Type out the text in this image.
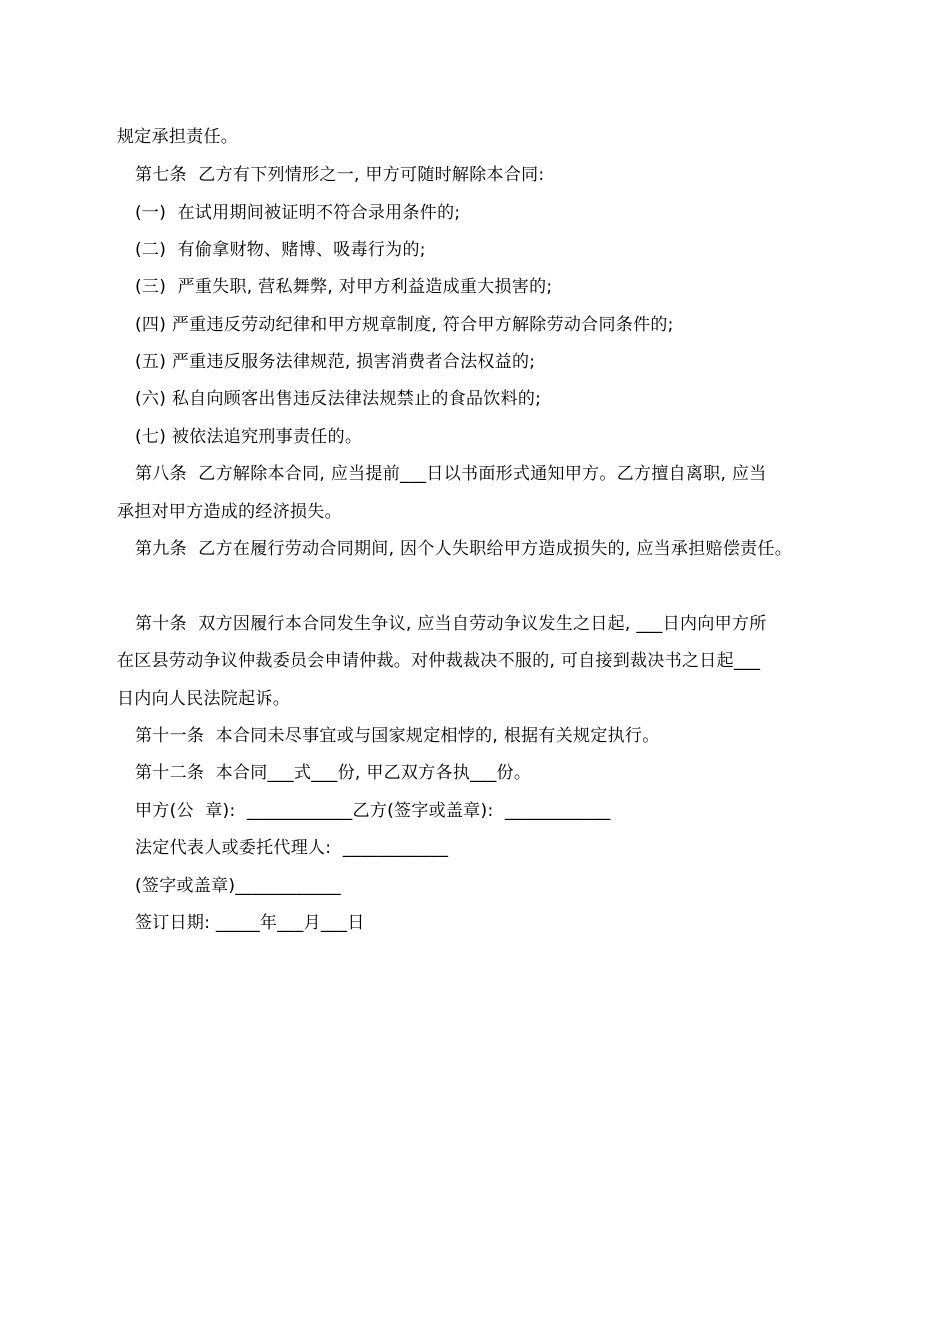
规定承担责任。
第七条  乙方有下列情形之一, 甲方可随时解除本合同:
(一)  在试用期间被证明不符合录用条件的;
(二)  有偷拿财物、赌博、吸毒行为的;
(三)  严重失职, 营私舞弊, 对甲方利益造成重大损害的;
(四) 严重违反劳动纪律和甲方规章制度, 符合甲方解除劳动合同条件的;
(五) 严重违反服务法律规范, 损害消费者合法权益的;
(六) 私自向顾客出售违反法律法规禁止的食品饮料的;
(七) 被依法追究刑事责任的。
第八条  乙方解除本合同, 应当提前___日以书面形式通知甲方。乙方擅自离职, 应当
承担对甲方造成的经济损失。
第九条  乙方在履行劳动合同期间, 因个人失职给甲方造成损失的, 应当承担赔偿责任。
第十条  双方因履行本合同发生争议, 应当自劳动争议发生之日起, ___日内向甲方所
在区县劳动争议仲裁委员会申请仲裁。对仲裁裁决不服的, 可自接到裁决书之日起___
日内向人民法院起诉。
第十一条  本合同未尽事宜或与国家规定相悖的, 根据有关规定执行。
第十二条  本合同___式___份, 甲乙双方各执___份。
甲方(公  章):  ____________乙方(签字或盖章):  ____________
法定代表人或委托代理人:  ____________
(签字或盖章)____________
签订日期: _____年___月___日
